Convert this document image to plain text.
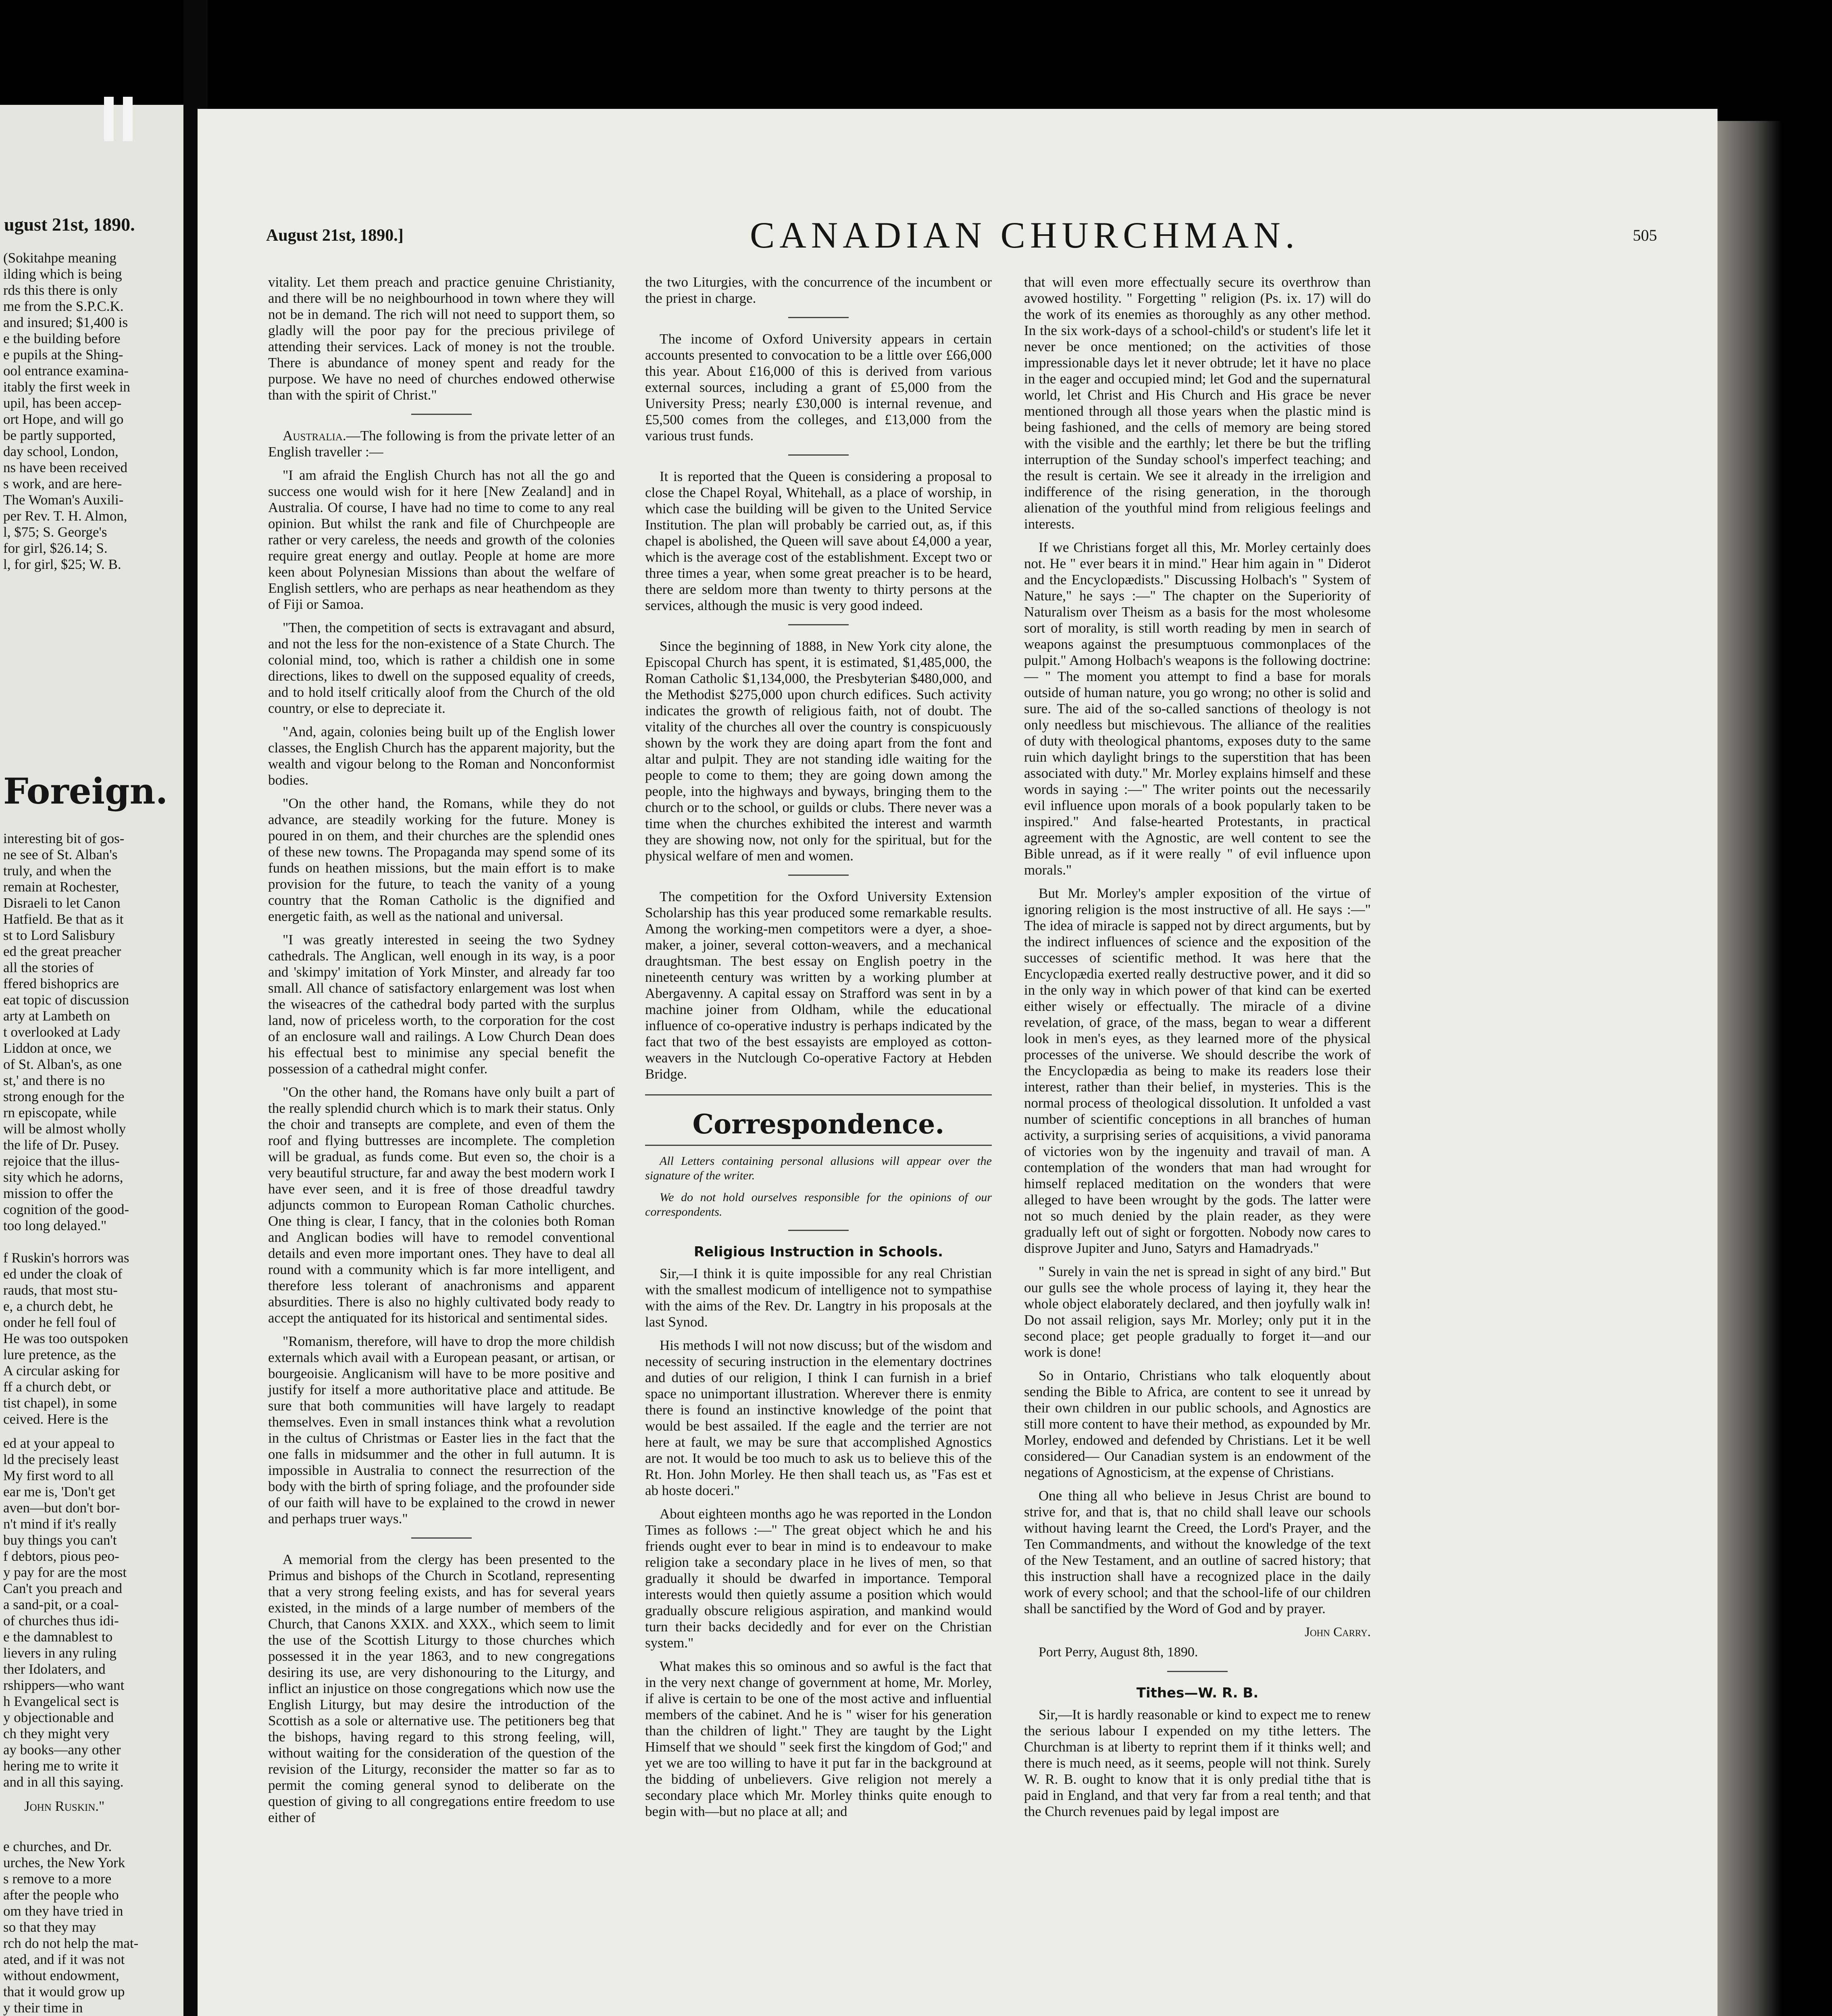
ugust 21st, 1890.
(Sokitahpe meaning
ilding which is being
rds this there is only
me from the S.P.C.K.
and insured; $1,400 is
e the building before
e pupils at the Shing-
ool entrance examina-
itably the first week in
upil, has been accep-
ort Hope, and will go
be partly supported,
day school, London,
ns have been received
s work, and are here-
The Woman's Auxili-
per Rev. T. H. Almon,
l, $75; S. George's
for girl, $26.14; S.
l, for girl, $25; W. B.
Foreign.
interesting bit of gos-
ne see of St. Alban's
truly, and when the
remain at Rochester,
Disraeli to let Canon
Hatfield. Be that as it
st to Lord Salisbury
ed the great preacher
all the stories of
ffered bishoprics are
eat topic of discussion
arty at Lambeth on
t overlooked at Lady
Liddon at once, we
of St. Alban's, as one
st,' and there is no
strong enough for the
rn episcopate, while
will be almost wholly
the life of Dr. Pusey.
rejoice that the illus-
sity which he adorns,
mission to offer the
cognition of the good-
too long delayed."
f Ruskin's horrors was
ed under the cloak of
rauds, that most stu-
e, a church debt, he
onder he fell foul of
He was too outspoken
lure pretence, as the
A circular asking for
ff a church debt, or
tist chapel), in some
ceived. Here is the
ed at your appeal to
ld the precisely least
My first word to all
ear me is, 'Don't get
aven—but don't bor-
n't mind if it's really
buy things you can't
f debtors, pious peo-
y pay for are the most
Can't you preach and
a sand-pit, or a coal-
of churches thus idi-
e the damnablest to
lievers in any ruling
ther Idolaters, and
rshippers—who want
h Evangelical sect is
y objectionable and
ch they might very
ay books—any other
hering me to write it
and in all this saying.
John Ruskin."
e churches, and Dr.
urches, the New York
s remove to a more
after the people who
om they have tried in
so that they may
rch do not help the mat-
ated, and if it was not
without endowment,
that it would grow up
y their time in
August 21st, 1890.]	CANADIAN CHURCHMAN.	505

vitality. Let them preach and practice genuine Christianity, and there will be no neighbourhood in town where they will not be in demand. The rich will not need to support them, so gladly will the poor pay for the precious privilege of attending their services. Lack of money is not the trouble. There is abundance of money spent and ready for the purpose. We have no need of churches endowed otherwise than with the spirit of Christ."

Australia.—The following is from the private letter of an English traveller :—

"I am afraid the English Church has not all the go and success one would wish for it here [New Zealand] and in Australia. Of course, I have had no time to come to any real opinion. But whilst the rank and file of Churchpeople are rather or very careless, the needs and growth of the colonies require great energy and outlay. People at home are more keen about Polynesian Missions than about the welfare of English settlers, who are perhaps as near heathendom as they of Fiji or Samoa.

"Then, the competition of sects is extravagant and absurd, and not the less for the non-existence of a State Church. The colonial mind, too, which is rather a childish one in some directions, likes to dwell on the supposed equality of creeds, and to hold itself critically aloof from the Church of the old country, or else to depreciate it.

"And, again, colonies being built up of the English lower classes, the English Church has the apparent majority, but the wealth and vigour belong to the Roman and Nonconformist bodies.

"On the other hand, the Romans, while they do not advance, are steadily working for the future. Money is poured in on them, and their churches are the splendid ones of these new towns. The Propaganda may spend some of its funds on heathen missions, but the main effort is to make provision for the future, to teach the vanity of a young country that the Roman Catholic is the dignified and energetic faith, as well as the national and universal.

"I was greatly interested in seeing the two Sydney cathedrals. The Anglican, well enough in its way, is a poor and 'skimpy' imitation of York Minster, and already far too small. All chance of satisfactory enlargement was lost when the wiseacres of the cathedral body parted with the surplus land, now of priceless worth, to the corporation for the cost of an enclosure wall and railings. A Low Church Dean does his effectual best to minimise any special benefit the possession of a cathedral might confer.

"On the other hand, the Romans have only built a part of the really splendid church which is to mark their status. Only the choir and transepts are complete, and even of them the roof and flying buttresses are incomplete. The completion will be gradual, as funds come. But even so, the choir is a very beautiful structure, far and away the best modern work I have ever seen, and it is free of those dreadful tawdry adjuncts common to European Roman Catholic churches. One thing is clear, I fancy, that in the colonies both Roman and Anglican bodies will have to remodel conventional details and even more important ones. They have to deal all round with a community which is far more intelligent, and therefore less tolerant of anachronisms and apparent absurdities. There is also no highly cultivated body ready to accept the antiquated for its historical and sentimental sides.

"Romanism, therefore, will have to drop the more childish externals which avail with a European peasant, or artisan, or bourgeoisie. Anglicanism will have to be more positive and justify for itself a more authoritative place and attitude. Be sure that both communities will have largely to readapt themselves. Even in small instances think what a revolution in the cultus of Christmas or Easter lies in the fact that the one falls in midsummer and the other in full autumn. It is impossible in Australia to connect the resurrection of the body with the birth of spring foliage, and the profounder side of our faith will have to be explained to the crowd in newer and perhaps truer ways."

A memorial from the clergy has been presented to the Primus and bishops of the Church in Scotland, representing that a very strong feeling exists, and has for several years existed, in the minds of a large number of members of the Church, that Canons XXIX. and XXX., which seem to limit the use of the Scottish Liturgy to those churches which possessed it in the year 1863, and to new congregations desiring its use, are very dishonouring to the Liturgy, and inflict an injustice on those congregations which now use the English Liturgy, but may desire the introduction of the Scottish as a sole or alternative use. The petitioners beg that the bishops, having regard to this strong feeling, will, without waiting for the consideration of the question of the revision of the Liturgy, reconsider the matter so far as to permit the coming general synod to deliberate on the question of giving to all congregations entire freedom to use either of

the two Liturgies, with the concurrence of the incumbent or the priest in charge.

The income of Oxford University appears in certain accounts presented to convocation to be a little over £66,000 this year. About £16,000 of this is derived from various external sources, including a grant of £5,000 from the University Press; nearly £30,000 is internal revenue, and £5,500 comes from the colleges, and £13,000 from the various trust funds.

It is reported that the Queen is considering a proposal to close the Chapel Royal, Whitehall, as a place of worship, in which case the building will be given to the United Service Institution. The plan will probably be carried out, as, if this chapel is abolished, the Queen will save about £4,000 a year, which is the average cost of the establishment. Except two or three times a year, when some great preacher is to be heard, there are seldom more than twenty to thirty persons at the services, although the music is very good indeed.

Since the beginning of 1888, in New York city alone, the Episcopal Church has spent, it is estimated, $1,485,000, the Roman Catholic $1,134,000, the Presbyterian $480,000, and the Methodist $275,000 upon church edifices. Such activity indicates the growth of religious faith, not of doubt. The vitality of the churches all over the country is conspicuously shown by the work they are doing apart from the font and altar and pulpit. They are not standing idle waiting for the people to come to them; they are going down among the people, into the highways and byways, bringing them to the church or to the school, or guilds or clubs. There never was a time when the churches exhibited the interest and warmth they are showing now, not only for the spiritual, but for the physical welfare of men and women.

The competition for the Oxford University Extension Scholarship has this year produced some remarkable results. Among the working-men competitors were a dyer, a shoe-maker, a joiner, several cotton-weavers, and a mechanical draughtsman. The best essay on English poetry in the nineteenth century was written by a working plumber at Abergavenny. A capital essay on Strafford was sent in by a machine joiner from Oldham, while the educational influence of co-operative industry is perhaps indicated by the fact that two of the best essayists are employed as cotton-weavers in the Nutclough Co-operative Factory at Hebden Bridge.

Correspondence.

All Letters containing personal allusions will appear over the signature of the writer.

We do not hold ourselves responsible for the opinions of our correspondents.

Religious Instruction in Schools.

Sir,—I think it is quite impossible for any real Christian with the smallest modicum of intelligence not to sympathise with the aims of the Rev. Dr. Langtry in his proposals at the last Synod.

His methods I will not now discuss; but of the wisdom and necessity of securing instruction in the elementary doctrines and duties of our religion, I think I can furnish in a brief space no unimportant illustration. Wherever there is enmity there is found an instinctive knowledge of the point that would be best assailed. If the eagle and the terrier are not here at fault, we may be sure that accomplished Agnostics are not. It would be too much to ask us to believe this of the Rt. Hon. John Morley. He then shall teach us, as "Fas est et ab hoste doceri."

About eighteen months ago he was reported in the London Times as follows :—" The great object which he and his friends ought ever to bear in mind is to endeavour to make religion take a secondary place in he lives of men, so that gradually it should be dwarfed in importance. Temporal interests would then quietly assume a position which would gradually obscure religious aspiration, and mankind would turn their backs decidedly and for ever on the Christian system."

What makes this so ominous and so awful is the fact that in the very next change of government at home, Mr. Morley, if alive is certain to be one of the most active and influential members of the cabinet. And he is " wiser for his generation than the children of light." They are taught by the Light Himself that we should " seek first the kingdom of God;" and yet we are too willing to have it put far in the background at the bidding of unbelievers. Give religion not merely a secondary place which Mr. Morley thinks quite enough to begin with—but no place at all; and

that will even more effectually secure its overthrow than avowed hostility. " Forgetting " religion (Ps. ix. 17) will do the work of its enemies as thoroughly as any other method. In the six work-days of a school-child's or student's life let it never be once mentioned; on the activities of those impressionable days let it never obtrude; let it have no place in the eager and occupied mind; let God and the supernatural world, let Christ and His Church and His grace be never mentioned through all those years when the plastic mind is being fashioned, and the cells of memory are being stored with the visible and the earthly; let there be but the trifling interruption of the Sunday school's imperfect teaching; and the result is certain. We see it already in the irreligion and indifference of the rising generation, in the thorough alienation of the youthful mind from religious feelings and interests.

If we Christians forget all this, Mr. Morley certainly does not. He " ever bears it in mind." Hear him again in " Diderot and the Encyclopædists." Discussing Holbach's " System of Nature," he says :—" The chapter on the Superiority of Naturalism over Theism as a basis for the most wholesome sort of morality, is still worth reading by men in search of weapons against the presumptuous commonplaces of the pulpit." Among Holbach's weapons is the following doctrine: — " The moment you attempt to find a base for morals outside of human nature, you go wrong; no other is solid and sure. The aid of the so-called sanctions of theology is not only needless but mischievous. The alliance of the realities of duty with theological phantoms, exposes duty to the same ruin which daylight brings to the superstition that has been associated with duty." Mr. Morley explains himself and these words in saying :—" The writer points out the necessarily evil influence upon morals of a book popularly taken to be inspired." And false-hearted Protestants, in practical agreement with the Agnostic, are well content to see the Bible unread, as if it were really " of evil influence upon morals."

But Mr. Morley's ampler exposition of the virtue of ignoring religion is the most instructive of all. He says :—" The idea of miracle is sapped not by direct arguments, but by the indirect influences of science and the exposition of the successes of scientific method. It was here that the Encyclopædia exerted really destructive power, and it did so in the only way in which power of that kind can be exerted either wisely or effectually. The miracle of a divine revelation, of grace, of the mass, began to wear a different look in men's eyes, as they learned more of the physical processes of the universe. We should describe the work of the Encyclopædia as being to make its readers lose their interest, rather than their belief, in mysteries. This is the normal process of theological dissolution. It unfolded a vast number of scientific conceptions in all branches of human activity, a surprising series of acquisitions, a vivid panorama of victories won by the ingenuity and travail of man. A contemplation of the wonders that man had wrought for himself replaced meditation on the wonders that were alleged to have been wrought by the gods. The latter were not so much denied by the plain reader, as they were gradually left out of sight or forgotten. Nobody now cares to disprove Jupiter and Juno, Satyrs and Hamadryads."

" Surely in vain the net is spread in sight of any bird." But our gulls see the whole process of laying it, they hear the whole object elaborately declared, and then joyfully walk in! Do not assail religion, says Mr. Morley; only put it in the second place; get people gradually to forget it—and our work is done!

So in Ontario, Christians who talk eloquently about sending the Bible to Africa, are content to see it unread by their own children in our public schools, and Agnostics are still more content to have their method, as expounded by Mr. Morley, endowed and defended by Christians. Let it be well considered— Our Canadian system is an endowment of the negations of Agnosticism, at the expense of Christians.

One thing all who believe in Jesus Christ are bound to strive for, and that is, that no child shall leave our schools without having learnt the Creed, the Lord's Prayer, and the Ten Commandments, and without the knowledge of the text of the New Testament, and an outline of sacred history; that this instruction shall have a recognized place in the daily work of every school; and that the school-life of our children shall be sanctified by the Word of God and by prayer.

John Carry.

Port Perry, August 8th, 1890.

Tithes—W. R. B.

Sir,—It is hardly reasonable or kind to expect me to renew the serious labour I expended on my tithe letters. The Churchman is at liberty to reprint them if it thinks well; and there is much need, as it seems, people will not think. Surely W. R. B. ought to know that it is only predial tithe that is paid in England, and that very far from a real tenth; and that the Church revenues paid by legal impost are
